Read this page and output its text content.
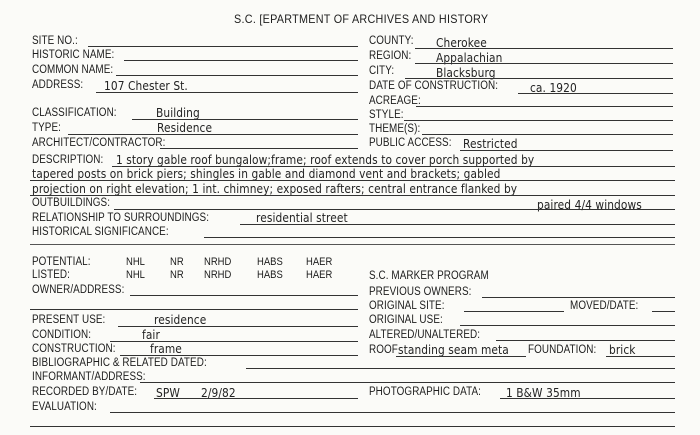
S.C. [EPARTMENT OF ARCHIVES AND HISTORY
SITE NO.:
HISTORIC NAME:
COMMON NAME:
ADDRESS: 107 Chester St.
CLASSIFICATION:	Building
TYPE:	Residence
ARCHITECT/CONTRACTOR:
COUNTY: Cherokee
REGION: Appalachian
CITY:	Blacksburg
DATE OF CONSTRUCTION:	ca. 1920
ACREAGE:
STYLE:
THEME(S):
PUBLIC ACCESS: Restricted
DESCRIPTION: 1 story gable roof bungalow;frame; roof extends to cover porch supported by
tapered posts on brick piers; shingles in gable and diamond vent and brackets; gabled
projection on right elevation; 1 int. chimney; exposed rafters; central entrance flanked by
OUTBUILDINGS:	paired 4/4 windows
RELATIONSHIP TO SURROUNDINGS:	residential street
HISTORICAL SIGNIFICANCE:
POTENTIAL:	NHL NR NRHD HABS HAER
LISTED:	NHL NR NRHD HABS HAER
OWNER/ADDRESS:
PRESENT USE:	residence
CONDITION:	fair
CONSTRUCTION:	frame
S.C. MARKER PROGRAM
PREVIOUS OWNERS:
ORIGINAL SITE:	MOVED/DATE:
ORIGINAL USE:
ALTERED/UNALTERED:
ROOF standing seam meta FOUNDATION: brick
BIBLIOGRAPHIC & RELATED DATED:
INFORMANT/ADDRESS:
RECORDED BY/DATE: SPW 2/9/82	PHOTOGRAPHIC DATA: 1 B&W 35mm
EVALUATION:
